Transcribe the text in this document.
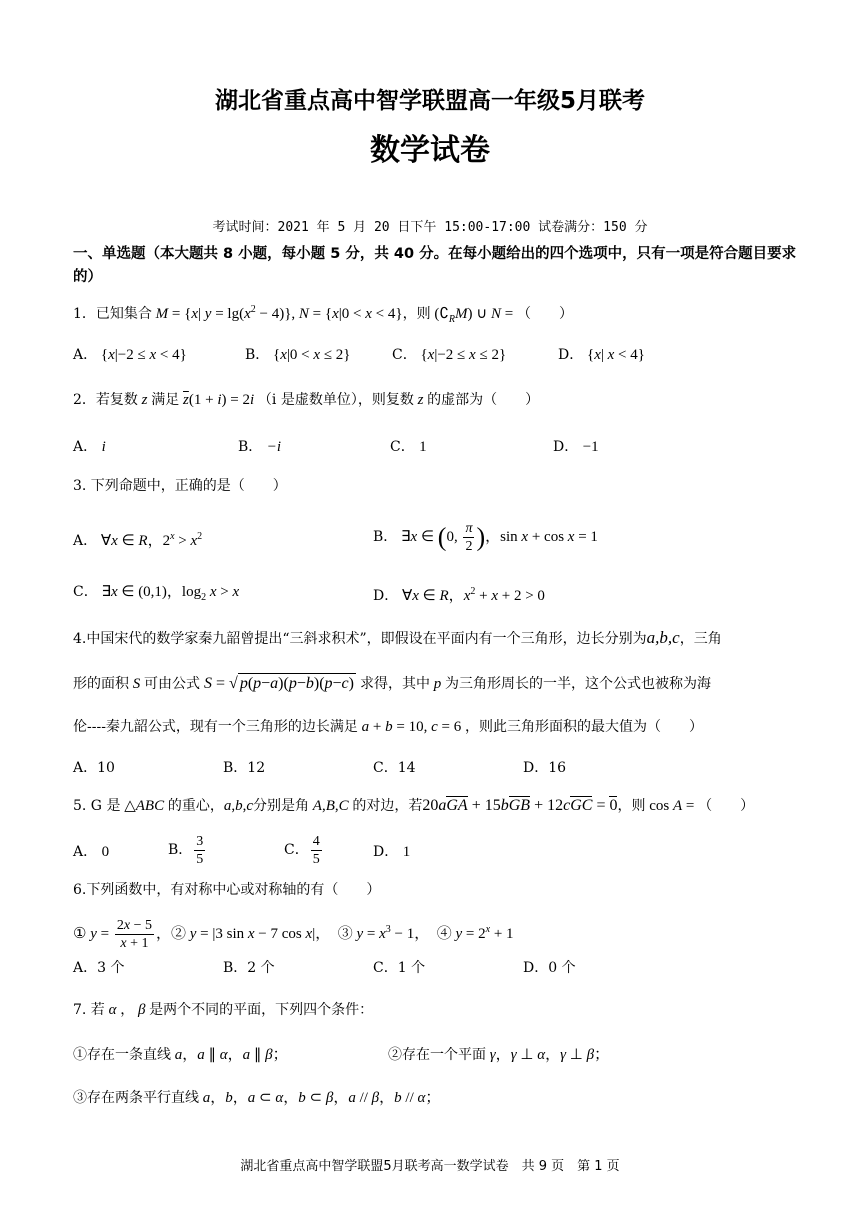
湖北省重点高中智学联盟高一年级5月联考
数学试卷
考试时间：2021 年 5 月 20 日下午 15:00-17:00 试卷满分：150 分
一、单选题（本大题共 8 小题，每小题 5 分，共 40 分。在每小题给出的四个选项中，只有一项是符合题目要求的）
1．已知集合 M = {x| $y = \lg(x^2 - 4)$}, N = {x|0 < x < 4}，则 $(∁_RM)$ ∪ N = （　　）
A． {x|−2 ≤ x < 4}	B． {x|0 < x ≤ 2}	C． {x|−2 ≤ x ≤ 2}	D． {x| x < 4}
2．若复数 z 满足 $\overline{z}(1 + i) = 2i$ （i 是虚数单位），则复数 z 的虚部为（　　）
A． i	B． −i	C． 1	D． −1
3. 下列命题中，正确的是（　　）
A． ∀x ∈ R，$2^x > x^2$	B． ∃x ∈ (0, $\frac{\pi}{2}$ )，sin x + cos x = 1
C． ∃x ∈ (0,1)，$\log_2 x > x$	D． ∀x ∈ R，$x^2 + x + 2 > 0$
4.中国宋代的数学家秦九韶曾提出“三斜求积术”，即假设在平面内有一个三角形，边长分别为a,b,c，三角
形的面积 S 可由公式 S = √ p(p−a)(p−b)(p−c) 求得，其中 p 为三角形周长的一半，这个公式也被称为海
伦----秦九韶公式，现有一个三角形的边长满足 a + b = 10, c = 6 ，则此三角形面积的最大值为（　　）
A．10	B．12	C．14	D．16
5. G 是 △ABC 的重心，a,b,c分别是角 A,B,C 的对边，若20aGA + 15bGB + 12cGC = 0，则 cos A = （　　）
A． 0	B． $\frac{3}{5}$	C． $\frac{4}{5}$	D． 1
6.下列函数中，有对称中心或对称轴的有（　　）
① $y = \frac{2x - 5}{x + 1}$ ，② y = |3 sin x − 7 cos x|，　③ $y = x^3 - 1$，　④ $y = 2^x + 1$
A．3 个	B．2 个	C．1 个	D．0 个
7. 若 α ， β 是两个不同的平面，下列四个条件：
①存在一条直线 a，a ∥ α，a ∥ β；	②存在一个平面 γ，γ ⊥ α，γ ⊥ β；
③存在两条平行直线 a，b，a ⊂ α，b ⊂ β，a // β，b // α；
湖北省重点高中智学联盟5月联考高一数学试卷　共 9 页　第 1 页
